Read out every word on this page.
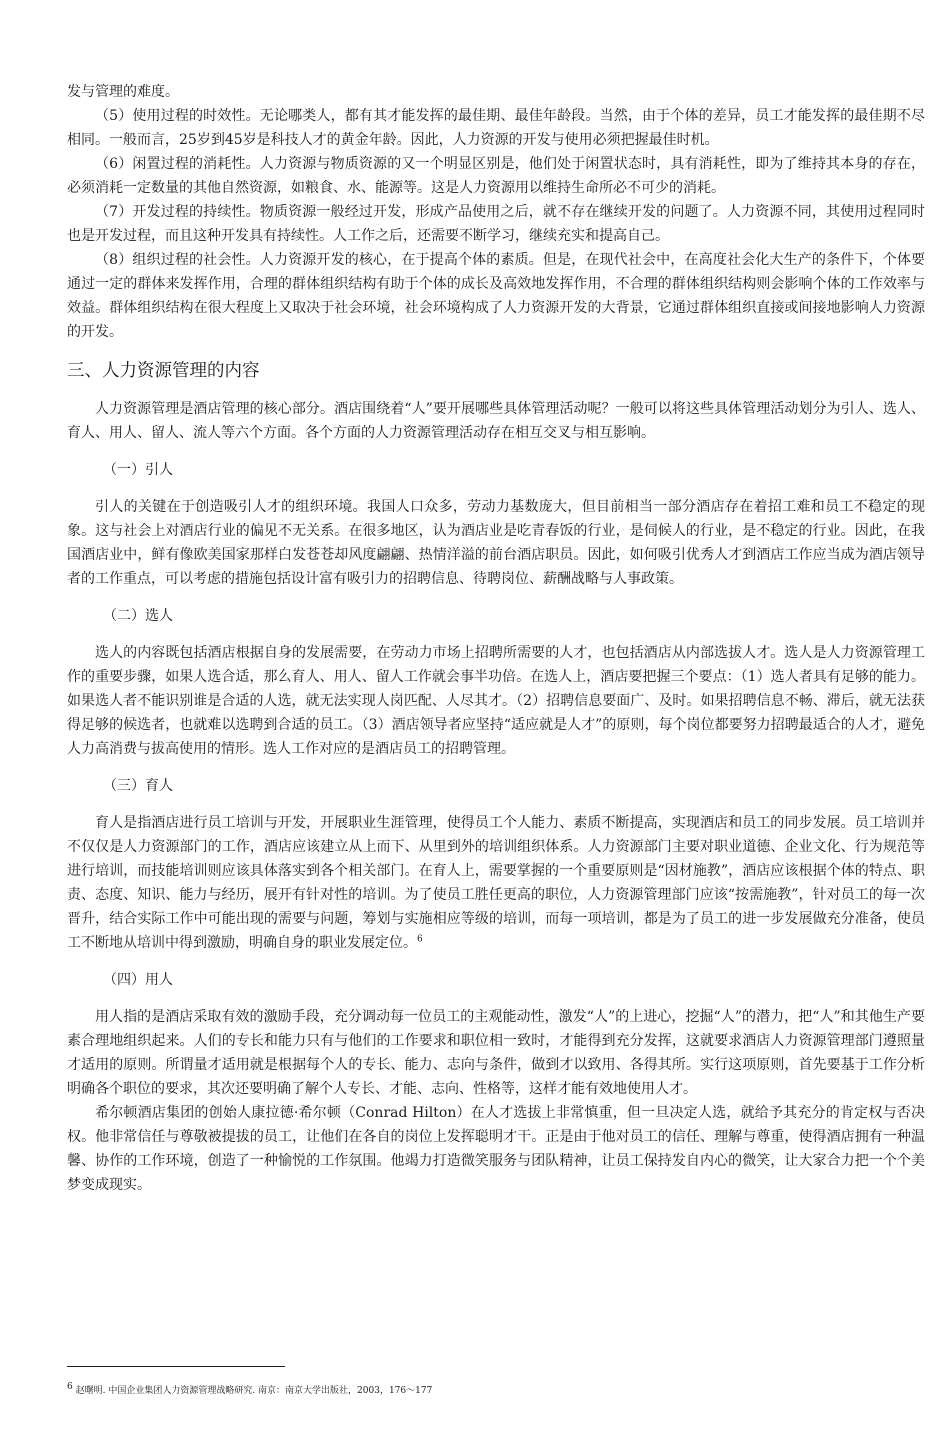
发与管理的难度。

（5）使用过程的时效性。无论哪类人，都有其才能发挥的最佳期、最佳年龄段。当然，由于个体的差异，员工才能发挥的最佳期不尽相同。一般而言，25岁到45岁是科技人才的黄金年龄。因此，人力资源的开发与使用必须把握最佳时机。

（6）闲置过程的消耗性。人力资源与物质资源的又一个明显区别是，他们处于闲置状态时，具有消耗性，即为了维持其本身的存在，必须消耗一定数量的其他自然资源，如粮食、水、能源等。这是人力资源用以维持生命所必不可少的消耗。

（7）开发过程的持续性。物质资源一般经过开发，形成产品使用之后，就不存在继续开发的问题了。人力资源不同，其使用过程同时也是开发过程，而且这种开发具有持续性。人工作之后，还需要不断学习，继续充实和提高自己。

（8）组织过程的社会性。人力资源开发的核心，在于提高个体的素质。但是，在现代社会中，在高度社会化大生产的条件下，个体要通过一定的群体来发挥作用，合理的群体组织结构有助于个体的成长及高效地发挥作用，不合理的群体组织结构则会影响个体的工作效率与效益。群体组织结构在很大程度上又取决于社会环境，社会环境构成了人力资源开发的大背景，它通过群体组织直接或间接地影响人力资源的开发。

三、人力资源管理的内容

人力资源管理是酒店管理的核心部分。酒店围绕着“人”要开展哪些具体管理活动呢？一般可以将这些具体管理活动划分为引人、选人、育人、用人、留人、流人等六个方面。各个方面的人力资源管理活动存在相互交叉与相互影响。

（一）引人

引人的关键在于创造吸引人才的组织环境。我国人口众多，劳动力基数庞大，但目前相当一部分酒店存在着招工难和员工不稳定的现象。这与社会上对酒店行业的偏见不无关系。在很多地区，认为酒店业是吃青春饭的行业，是伺候人的行业，是不稳定的行业。因此，在我国酒店业中，鲜有像欧美国家那样白发苍苍却风度翩翩、热情洋溢的前台酒店职员。因此，如何吸引优秀人才到酒店工作应当成为酒店领导者的工作重点，可以考虑的措施包括设计富有吸引力的招聘信息、待聘岗位、薪酬战略与人事政策。

（二）选人

选人的内容既包括酒店根据自身的发展需要，在劳动力市场上招聘所需要的人才，也包括酒店从内部选拔人才。选人是人力资源管理工作的重要步骤，如果人选合适，那么育人、用人、留人工作就会事半功倍。在选人上，酒店要把握三个要点：（1）选人者具有足够的能力。如果选人者不能识别谁是合适的人选，就无法实现人岗匹配、人尽其才。（2）招聘信息要面广、及时。如果招聘信息不畅、滞后，就无法获得足够的候选者，也就难以选聘到合适的员工。（3）酒店领导者应坚持“适应就是人才”的原则，每个岗位都要努力招聘最适合的人才，避免人力高消费与拔高使用的情形。选人工作对应的是酒店员工的招聘管理。

（三）育人

育人是指酒店进行员工培训与开发，开展职业生涯管理，使得员工个人能力、素质不断提高，实现酒店和员工的同步发展。员工培训并不仅仅是人力资源部门的工作，酒店应该建立从上而下、从里到外的培训组织体系。人力资源部门主要对职业道德、企业文化、行为规范等进行培训，而技能培训则应该具体落实到各个相关部门。在育人上，需要掌握的一个重要原则是“因材施教”，酒店应该根据个体的特点、职责、态度、知识、能力与经历，展开有针对性的培训。为了使员工胜任更高的职位，人力资源管理部门应该“按需施教”，针对员工的每一次晋升，结合实际工作中可能出现的需要与问题，筹划与实施相应等级的培训，而每一项培训，都是为了员工的进一步发展做充分准备，使员工不断地从培训中得到激励，明确自身的职业发展定位。$^6$

（四）用人

用人指的是酒店采取有效的激励手段，充分调动每一位员工的主观能动性，激发“人”的上进心，挖掘“人”的潜力，把“人”和其他生产要素合理地组织起来。人们的专长和能力只有与他们的工作要求和职位相一致时，才能得到充分发挥，这就要求酒店人力资源管理部门遵照量才适用的原则。所谓量才适用就是根据每个人的专长、能力、志向与条件，做到才以致用、各得其所。实行这项原则，首先要基于工作分析明确各个职位的要求，其次还要明确了解个人专长、才能、志向、性格等，这样才能有效地使用人才。

希尔顿酒店集团的创始人康拉德·希尔顿（Conrad Hilton）在人才选拔上非常慎重，但一旦决定人选，就给予其充分的肯定权与否决权。他非常信任与尊敬被提拔的员工，让他们在各自的岗位上发挥聪明才干。正是由于他对员工的信任、理解与尊重，使得酒店拥有一种温馨、协作的工作环境，创造了一种愉悦的工作氛围。他竭力打造微笑服务与团队精神，让员工保持发自内心的微笑，让大家合力把一个个美梦变成现实。

$^6$ 赵曙明. 中国企业集团人力资源管理战略研究. 南京：南京大学出版社，2003，176～177
